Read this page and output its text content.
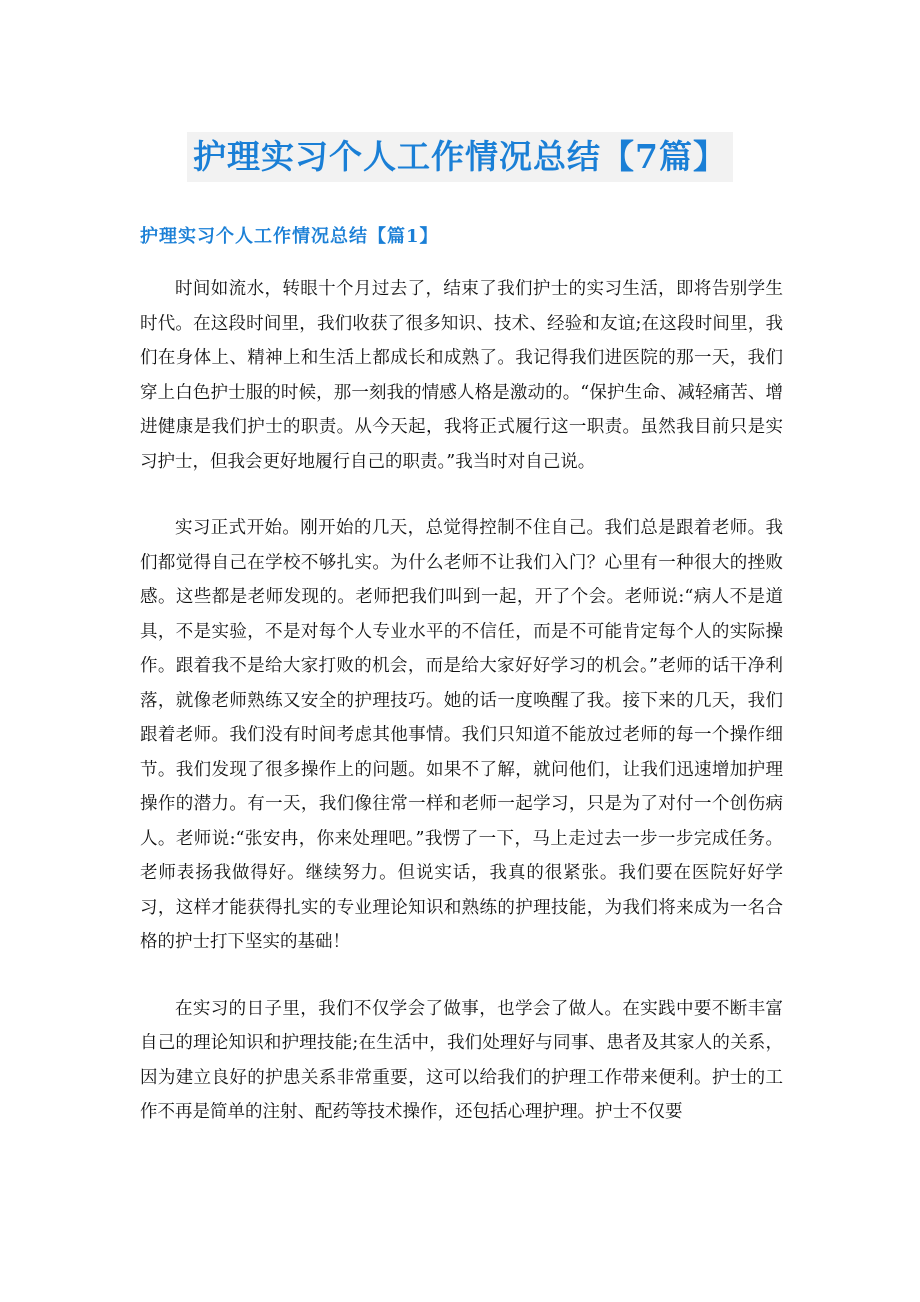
护理实习个人工作情况总结【7篇】
护理实习个人工作情况总结【篇1】

时间如流水，转眼十个月过去了，结束了我们护士的实习生活，即将告别学生时代。在这段时间里，我们收获了很多知识、技术、经验和友谊;在这段时间里，我们在身体上、精神上和生活上都成长和成熟了。我记得我们进医院的那一天，我们穿上白色护士服的时候，那一刻我的情感人格是激动的。“保护生命、减轻痛苦、增进健康是我们护士的职责。从今天起，我将正式履行这一职责。虽然我目前只是实习护士，但我会更好地履行自己的职责。”我当时对自己说。

实习正式开始。刚开始的几天，总觉得控制不住自己。我们总是跟着老师。我们都觉得自己在学校不够扎实。为什么老师不让我们入门？心里有一种很大的挫败感。这些都是老师发现的。老师把我们叫到一起，开了个会。老师说:“病人不是道具，不是实验，不是对每个人专业水平的不信任，而是不可能肯定每个人的实际操作。跟着我不是给大家打败的机会，而是给大家好好学习的机会。”老师的话干净利落，就像老师熟练又安全的护理技巧。她的话一度唤醒了我。接下来的几天，我们跟着老师。我们没有时间考虑其他事情。我们只知道不能放过老师的每一个操作细节。我们发现了很多操作上的问题。如果不了解，就问他们，让我们迅速增加护理操作的潜力。有一天，我们像往常一样和老师一起学习，只是为了对付一个创伤病人。老师说:“张安冉，你来处理吧。”我愣了一下，马上走过去一步一步完成任务。老师表扬我做得好。继续努力。但说实话，我真的很紧张。我们要在医院好好学习，这样才能获得扎实的专业理论知识和熟练的护理技能，为我们将来成为一名合格的护士打下坚实的基础！

在实习的日子里，我们不仅学会了做事，也学会了做人。在实践中要不断丰富自己的理论知识和护理技能;在生活中，我们处理好与同事、患者及其家人的关系，因为建立良好的护患关系非常重要，这可以给我们的护理工作带来便利。护士的工作不再是简单的注射、配药等技术操作，还包括心理护理。护士不仅要
